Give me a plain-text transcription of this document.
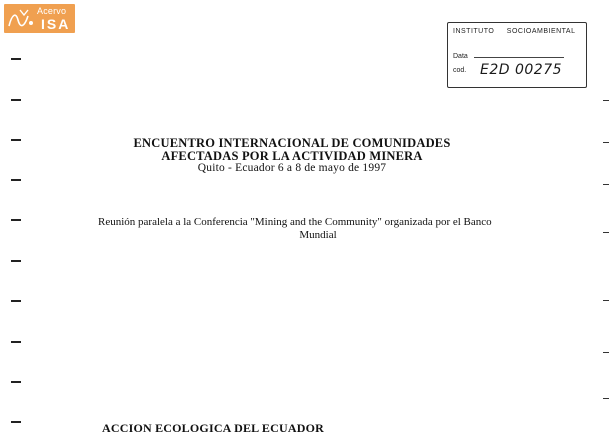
Acervo
ISA	INSTITUTO SOCIOAMBIENTAL
Data
cod. E2D 00275
ENCUENTRO INTERNACIONAL DE COMUNIDADES
AFECTADAS POR LA ACTIVIDAD MINERA
Quito - Ecuador 6 a 8 de mayo de 1997
Reunión paralela a la Conferencia "Mining and the Community" organizada por el Banco
Mundial
ACCION ECOLOGICA DEL ECUADOR
